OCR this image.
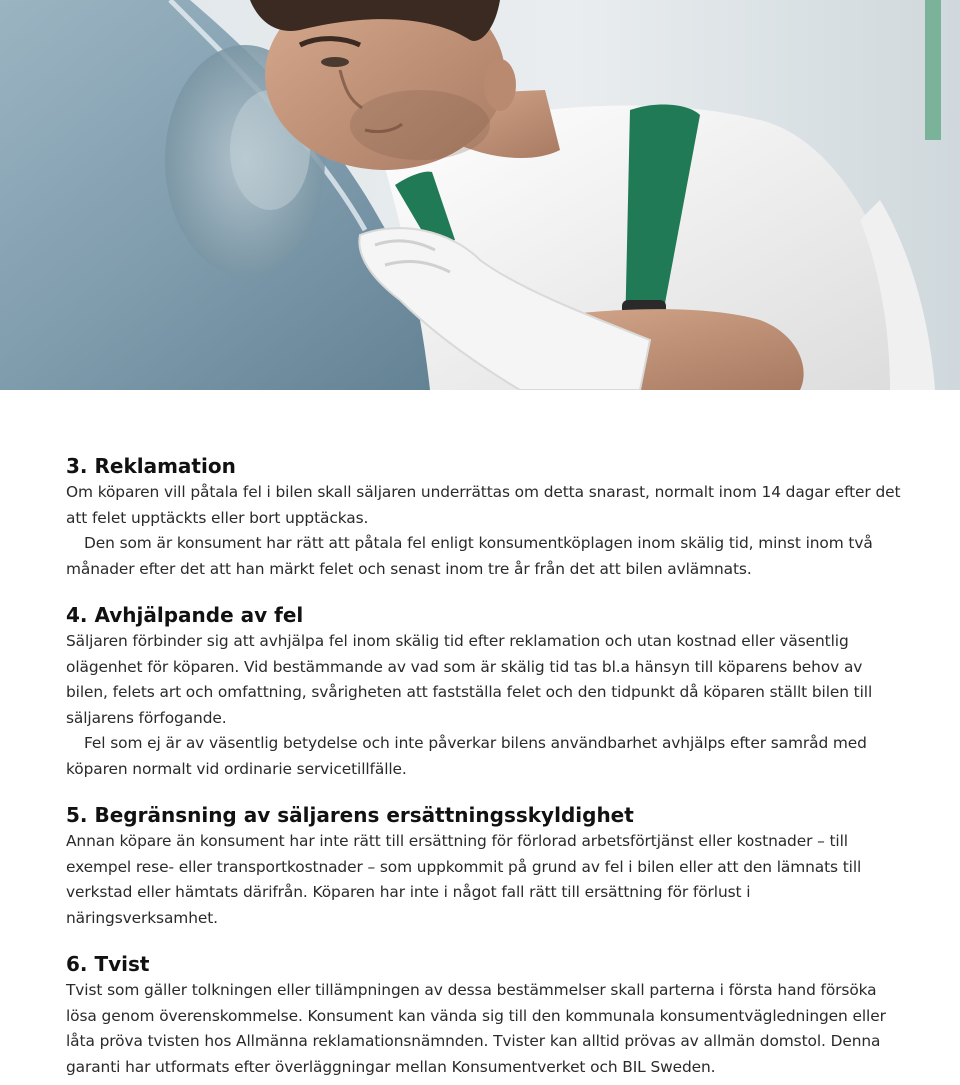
3. Reklamation

Om köparen vill påtala fel i bilen skall säljaren underrättas om detta snarast, normalt inom 14 dagar efter det att felet upptäckts eller bort upptäckas.

Den som är konsument har rätt att påtala fel enligt konsumentköplagen inom skälig tid, minst inom två månader efter det att han märkt felet och senast inom tre år från det att bilen avlämnats.

4. Avhjälpande av fel

Säljaren förbinder sig att avhjälpa fel inom skälig tid efter reklamation och utan kostnad eller väsentlig olägenhet för köparen. Vid bestämmande av vad som är skälig tid tas bl.a hänsyn till köparens behov av bilen, felets art och omfattning, svårigheten att fastställa felet och den tidpunkt då köparen ställt bilen till säljarens förfogande.

Fel som ej är av väsentlig betydelse och inte påverkar bilens användbarhet avhjälps efter samråd med köparen normalt vid ordinarie servicetillfälle.

5. Begränsning av säljarens ersättningsskyldighet

Annan köpare än konsument har inte rätt till ersättning för förlorad arbetsförtjänst eller kostnader – till exempel rese- eller transportkostnader – som uppkommit på grund av fel i bilen eller att den lämnats till verkstad eller hämtats därifrån. Köparen har inte i något fall rätt till ersättning för förlust i näringsverksamhet.

6. Tvist

Tvist som gäller tolkningen eller tillämpningen av dessa bestämmelser skall parterna i första hand försöka lösa genom överenskommelse. Konsument kan vända sig till den kommunala konsumentvägledningen eller låta pröva tvisten hos Allmänna reklamationsnämnden. Tvister kan alltid prövas av allmän domstol. Denna garanti har utformats efter överläggningar mellan Konsumentverket och BIL Sweden.
